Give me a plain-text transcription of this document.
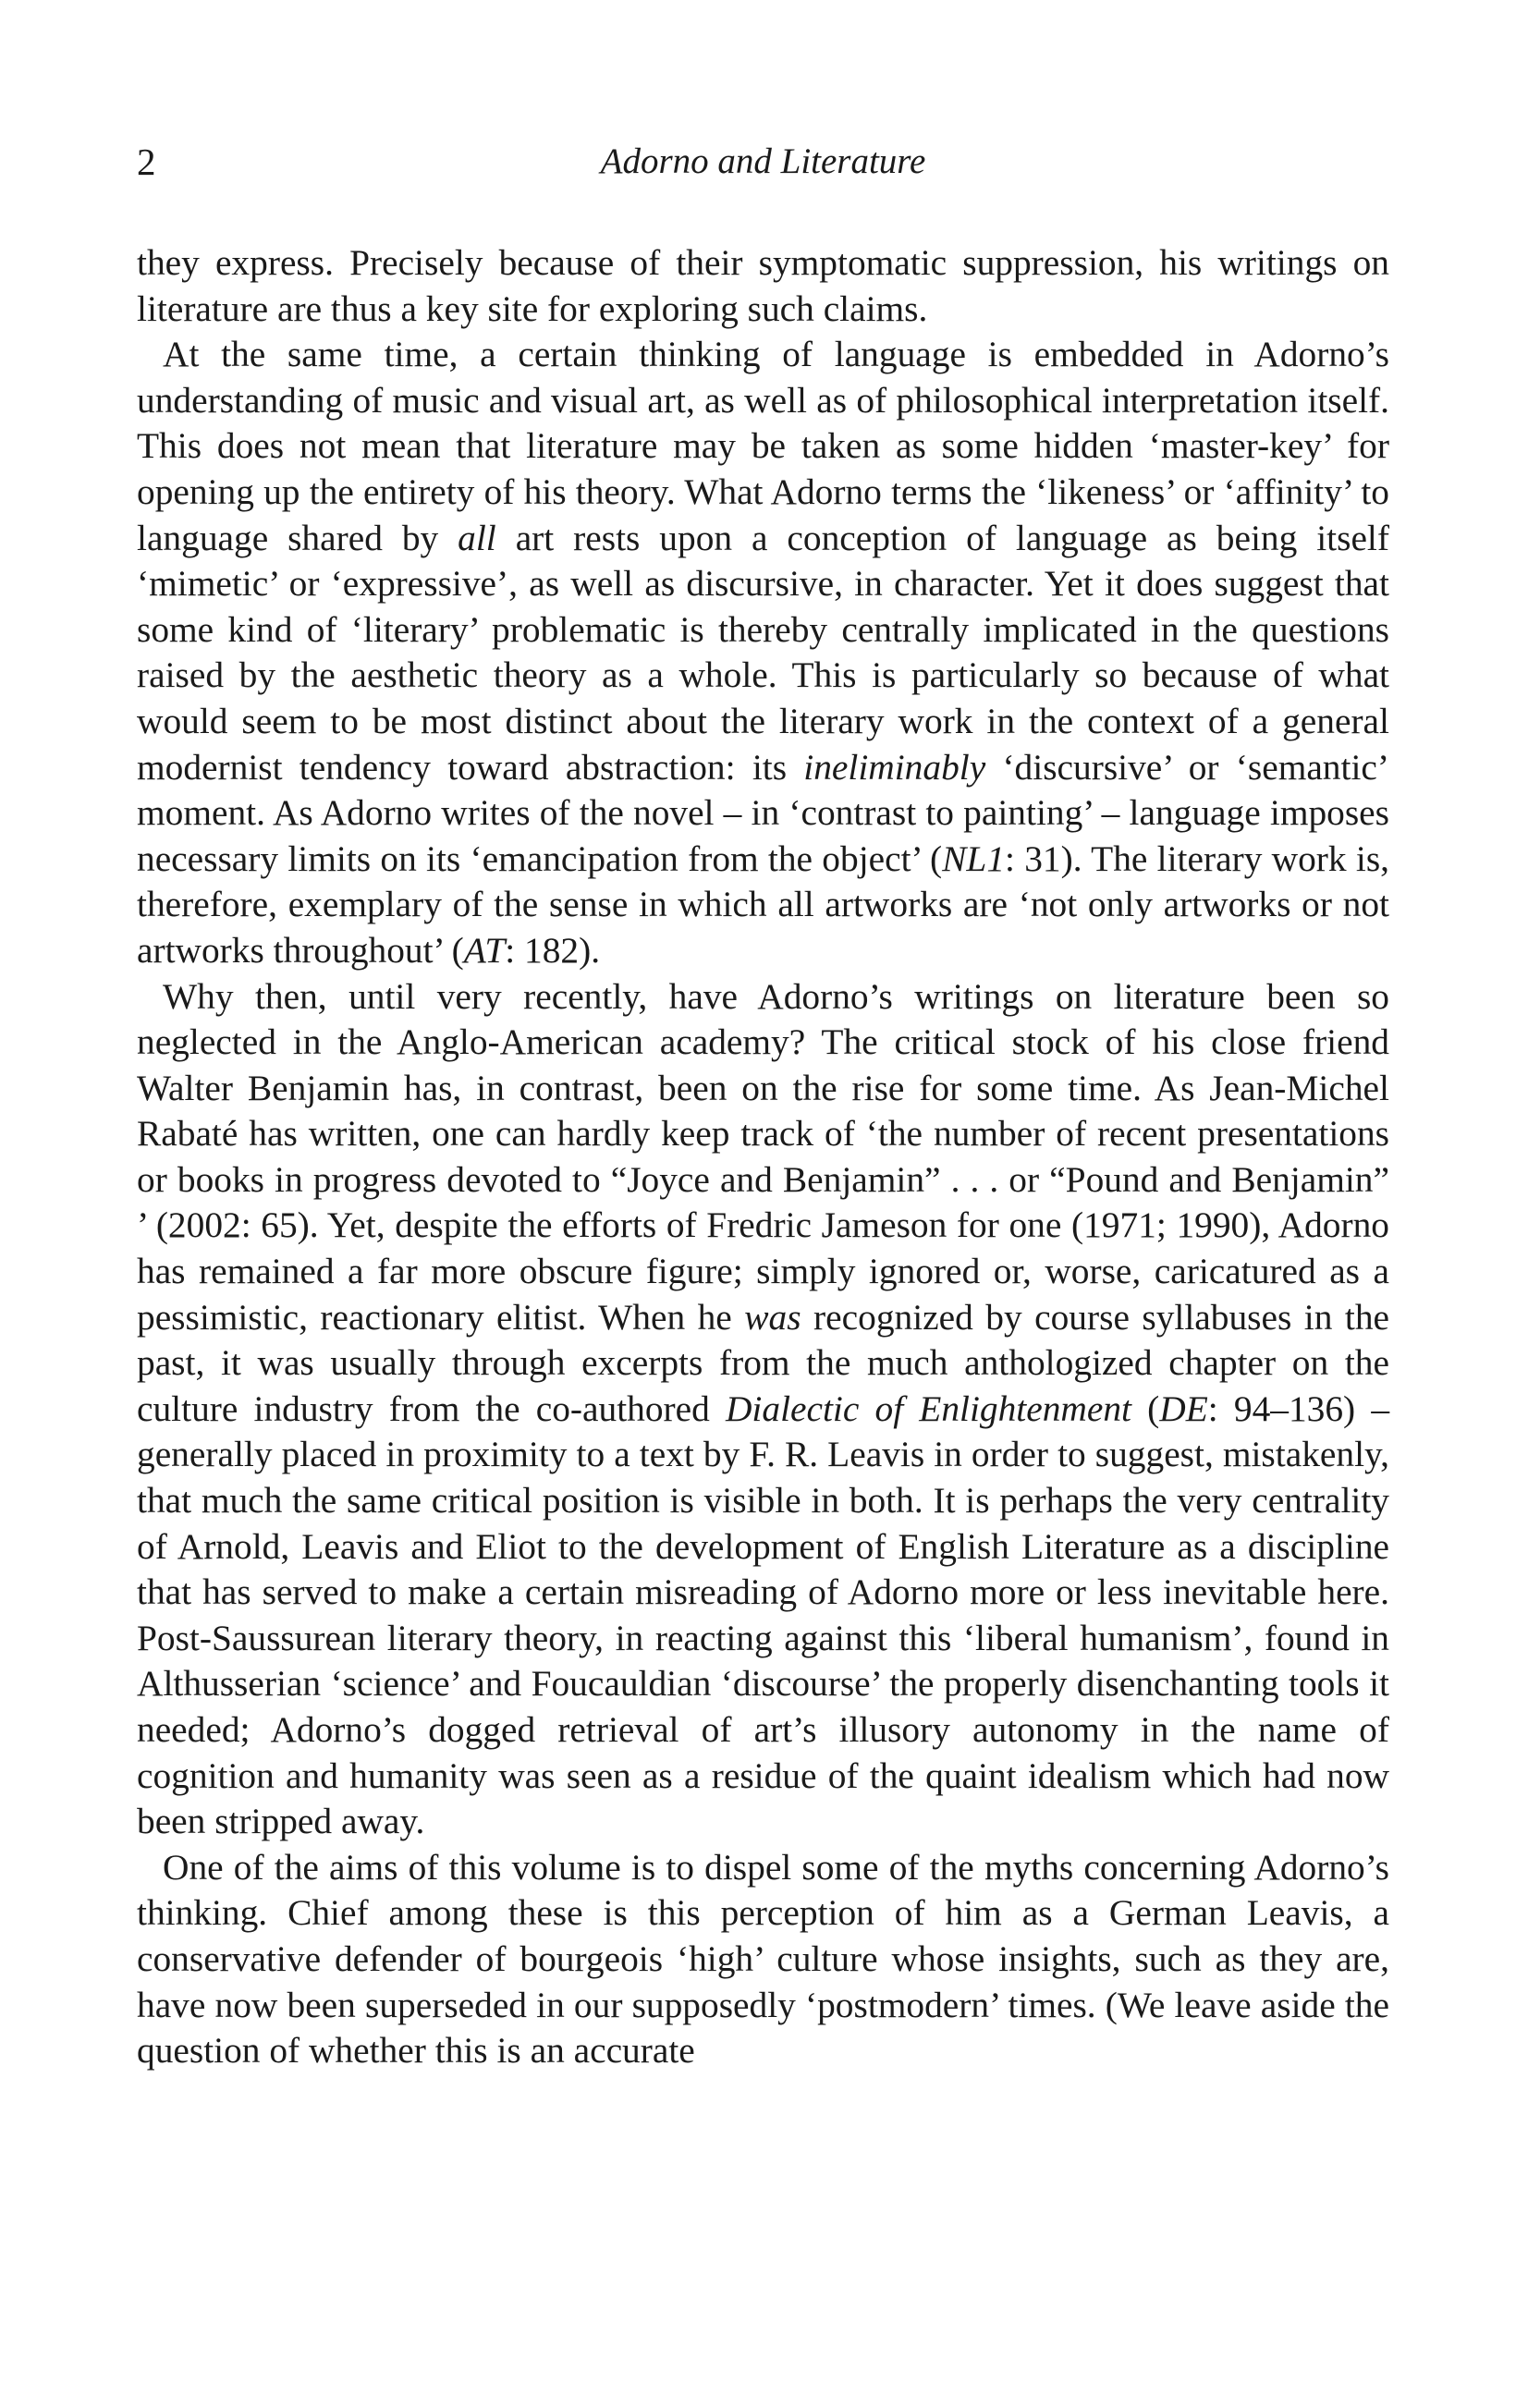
2	Adorno and Literature

they express. Precisely because of their symptomatic suppression, his writings on literature are thus a key site for exploring such claims.

At the same time, a certain thinking of language is embedded in Adorno’s understanding of music and visual art, as well as of philosophical interpretation itself. This does not mean that literature may be taken as some hidden ‘master-key’ for opening up the entirety of his theory. What Adorno terms the ‘likeness’ or ‘affinity’ to language shared by all art rests upon a conception of language as being itself ‘mimetic’ or ‘expressive’, as well as discursive, in character. Yet it does suggest that some kind of ‘literary’ problematic is thereby centrally implicated in the questions raised by the aesthetic theory as a whole. This is particularly so because of what would seem to be most distinct about the literary work in the context of a general modernist tendency toward abstraction: its ineliminably ‘discursive’ or ‘semantic’ moment. As Adorno writes of the novel – in ‘contrast to painting’ – language imposes necessary limits on its ‘emancipation from the object’ (NL1: 31). The literary work is, therefore, exemplary of the sense in which all artworks are ‘not only artworks or not artworks throughout’ (AT: 182).

Why then, until very recently, have Adorno’s writings on literature been so neglected in the Anglo-American academy? The critical stock of his close friend Walter Benjamin has, in contrast, been on the rise for some time. As Jean-Michel Rabaté has written, one can hardly keep track of ‘the number of recent presentations or books in progress devoted to “Joyce and Benjamin” . . . or “Pound and Benjamin” ’ (2002: 65). Yet, despite the efforts of Fredric Jameson for one (1971; 1990), Adorno has remained a far more obscure figure; simply ignored or, worse, caricatured as a pessimistic, reactionary elitist. When he was recognized by course syllabuses in the past, it was usually through excerpts from the much anthologized chapter on the culture industry from the co-authored Dialectic of Enlightenment (DE: 94–136) – generally placed in proximity to a text by F. R. Leavis in order to suggest, mistakenly, that much the same critical position is visible in both. It is perhaps the very centrality of Arnold, Leavis and Eliot to the development of English Literature as a discipline that has served to make a certain misreading of Adorno more or less inevitable here. Post-Saussurean literary theory, in reacting against this ‘liberal humanism’, found in Althusserian ‘science’ and Foucauldian ‘discourse’ the properly disenchanting tools it needed; Adorno’s dogged retrieval of art’s illusory autonomy in the name of cognition and humanity was seen as a residue of the quaint idealism which had now been stripped away.

One of the aims of this volume is to dispel some of the myths concerning Adorno’s thinking. Chief among these is this perception of him as a German Leavis, a conservative defender of bourgeois ‘high’ culture whose insights, such as they are, have now been superseded in our supposedly ‘postmodern’ times. (We leave aside the question of whether this is an accurate
